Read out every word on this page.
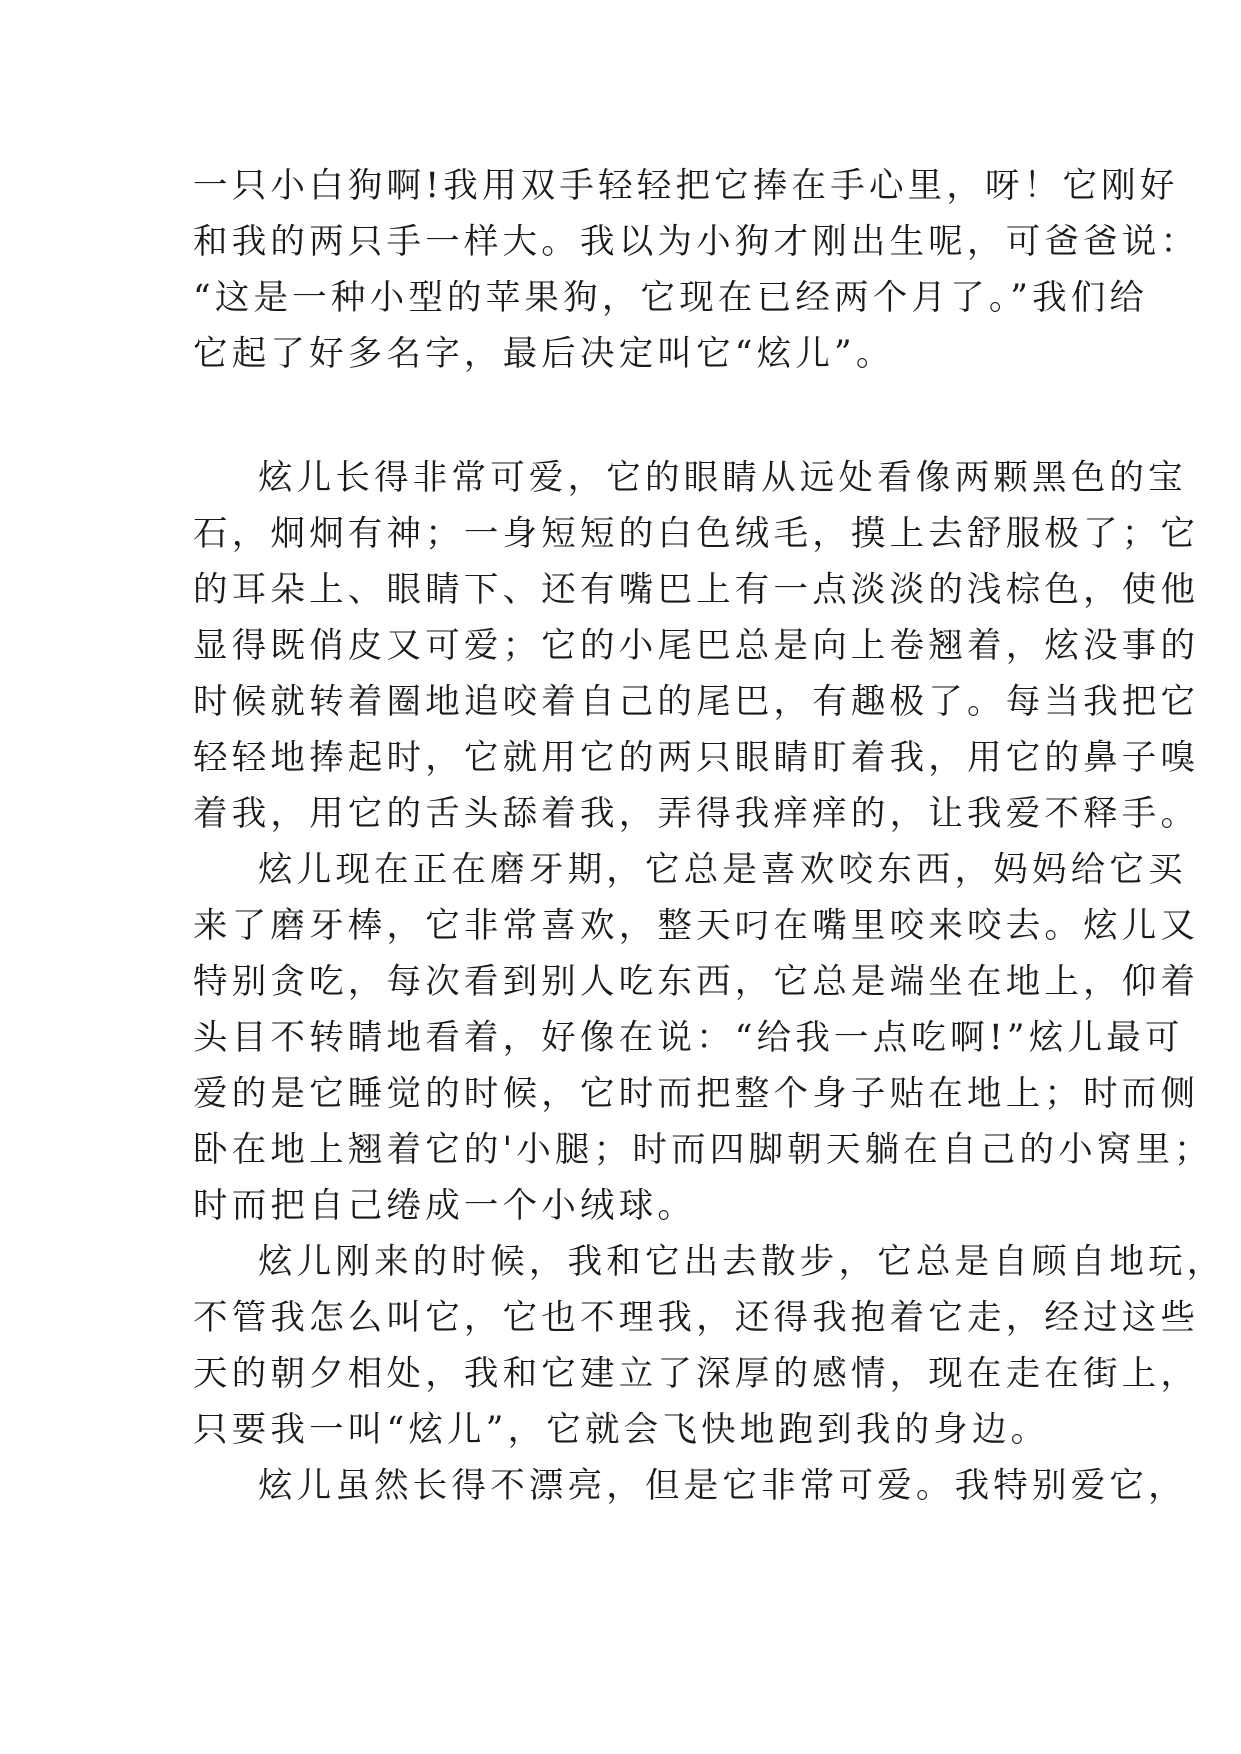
一只小白狗啊!我用双手轻轻把它捧在手心里，呀！它刚好
和我的两只手一样大。我以为小狗才刚出生呢，可爸爸说：
“这是一种小型的苹果狗，它现在已经两个月了。”我们给
它起了好多名字，最后决定叫它“炫儿”。
炫儿长得非常可爱，它的眼睛从远处看像两颗黑色的宝
石，炯炯有神；一身短短的白色绒毛，摸上去舒服极了；它
的耳朵上、眼睛下、还有嘴巴上有一点淡淡的浅棕色，使他
显得既俏皮又可爱；它的小尾巴总是向上卷翘着，炫没事的
时候就转着圈地追咬着自己的尾巴，有趣极了。每当我把它
轻轻地捧起时，它就用它的两只眼睛盯着我，用它的鼻子嗅
着我，用它的舌头舔着我，弄得我痒痒的，让我爱不释手。
炫儿现在正在磨牙期，它总是喜欢咬东西，妈妈给它买
来了磨牙棒，它非常喜欢，整天叼在嘴里咬来咬去。炫儿又
特别贪吃，每次看到别人吃东西，它总是端坐在地上，仰着
头目不转睛地看着，好像在说：“给我一点吃啊!”炫儿最可
爱的是它睡觉的时候，它时而把整个身子贴在地上；时而侧
卧在地上翘着它的'小腿；时而四脚朝天躺在自己的小窝里；
时而把自己绻成一个小绒球。
炫儿刚来的时候，我和它出去散步，它总是自顾自地玩，
不管我怎么叫它，它也不理我，还得我抱着它走，经过这些
天的朝夕相处，我和它建立了深厚的感情，现在走在街上，
只要我一叫“炫儿”，它就会飞快地跑到我的身边。
炫儿虽然长得不漂亮，但是它非常可爱。我特别爱它，
